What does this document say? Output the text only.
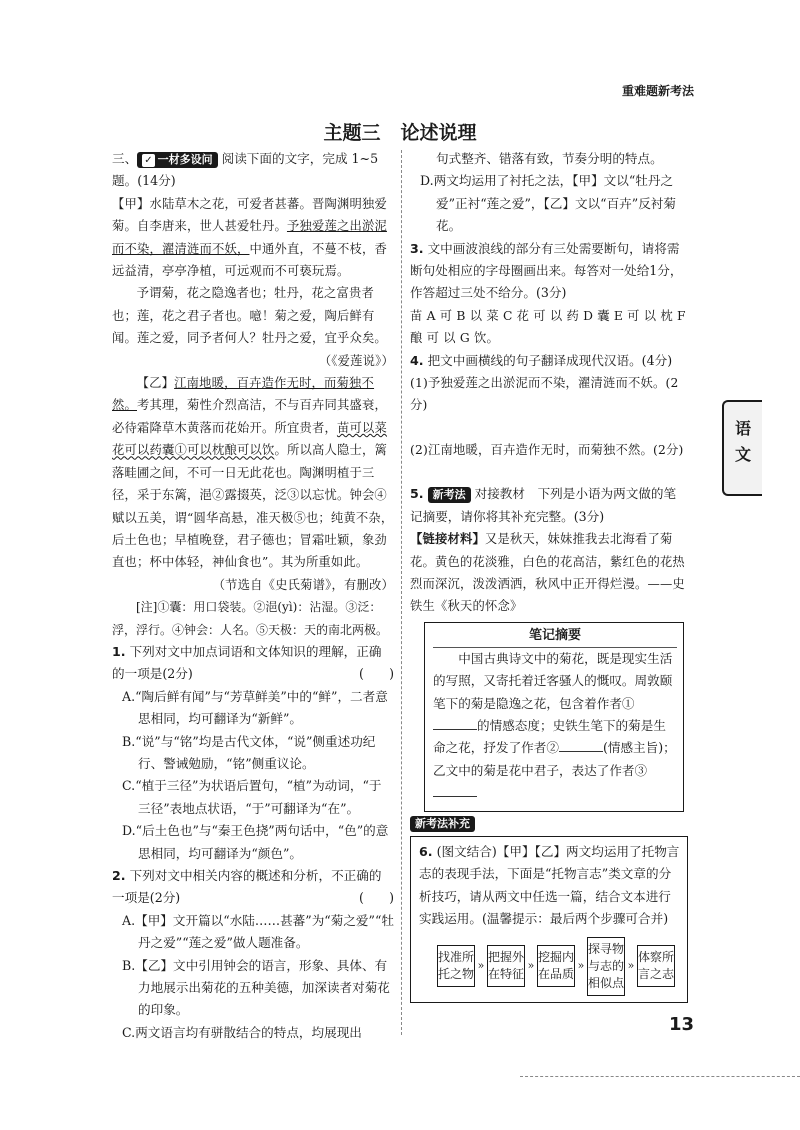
重难题新考法
主题三 论述说理

三、 ✓ 一材多设问 阅读下面的文字，完成 1~5题。(14分)

【甲】水陆草木之花，可爱者甚蕃。晋陶渊明独爱菊。自李唐来，世人甚爱牡丹。予独爱莲之出淤泥而不染，濯清涟而不妖，中通外直，不蔓不枝，香远益清，亭亭净植，可远观而不可亵玩焉。

予谓菊，花之隐逸者也；牡丹，花之富贵者也；莲，花之君子者也。噫！菊之爱，陶后鲜有闻。莲之爱，同予者何人？牡丹之爱，宜乎众矣。
（《爱莲说》）

【乙】江南地暖，百卉造作无时，而菊独不然。考其理，菊性介烈高洁，不与百卉同其盛衰，必待霜降草木黄落而花始开。所宜贵者，苗可以菜花可以药囊①可以枕酿可以饮。所以高人隐士，篱落畦圃之间，不可一日无此花也。陶渊明植于三径，采于东篱，浥②露掇英，泛③以忘忧。钟会④赋以五美，谓“圆华高悬，准天极⑤也；纯黄不杂，后土色也；早植晚登，君子德也；冒霜吐颖，象劲直也；杯中体轻，神仙食也”。其为所重如此。
（节选自《史氏菊谱》，有删改）

[注]①囊：用口袋装。②浥(yì)：沾湿。③泛：浮，浮行。④钟会：人名。⑤天极：天的南北两极。

1. 下列对文中加点词语和文体知识的理解，正确的一项是(2分)	(　　)

A.“陶后鲜有闻”与“芳草鲜美”中的“鲜”，二者意思相同，均可翻译为“新鲜”。

B.“说”与“铭”均是古代文体，“说”侧重述功纪行、警诫勉励，“铭”侧重议论。

C.“植于三径”为状语后置句，“植”为动词，“于三径”表地点状语，“于”可翻译为“在”。

D.“后土色也”与“秦王色挠”两句话中，“色”的意思相同，均可翻译为“颜色”。

2. 下列对文中相关内容的概述和分析，不正确的一项是(2分)	(　　)

A.【甲】文开篇以“水陆……甚蕃”为“菊之爱”“牡丹之爱”“莲之爱”做人题准备。

B.【乙】文中引用钟会的语言，形象、具体、有力地展示出菊花的五种美德，加深读者对菊花的印象。

C.两文语言均有骈散结合的特点，均展现出

句式整齐、错落有致，节奏分明的特点。

D.两文均运用了衬托之法，【甲】文以“牡丹之爱”正衬“莲之爱”，【乙】文以“百卉”反衬菊花。

3. 文中画波浪线的部分有三处需要断句，请将需断句处相应的字母圈画出来。每答对一处给1分，作答超过三处不给分。(3分)

苗 A 可 B 以 菜 C 花 可 以 药 D 囊 E 可 以 枕 F 酿 可 以 G 饮。

4. 把文中画横线的句子翻译成现代汉语。(4分)

(1)予独爱莲之出淤泥而不染，濯清涟而不妖。(2分)

(2)江南地暖，百卉造作无时，而菊独不然。(2分)

5. 新考法 对接教材　下列是小语为两文做的笔记摘要，请你将其补充完整。(3分)

【链接材料】又是秋天，妹妹推我去北海看了菊花。黄色的花淡雅，白色的花高洁，紫红色的花热烈而深沉，泼泼洒洒，秋风中正开得烂漫。——史铁生《秋天的怀念》

笔记摘要
中国古典诗文中的菊花，既是现实生活的写照，又寄托着迁客骚人的慨叹。周敦颐笔下的菊是隐逸之花，包含着作者①的情感态度；史铁生笔下的菊是生命之花，抒发了作者②	(情感主旨)；乙文中的菊是花中君子，表达了作者③
新考法补充

6. (图文结合)【甲】【乙】两文均运用了托物言志的表现手法，下面是“托物言志”类文章的分析技巧，请从两文中任选一篇，结合文本进行实践运用。(温馨提示：最后两个步骤可合并)

找准所托之物
»
把握外在特征
»
挖掘内在品质
»
探寻物与志的相似点
»
体察所言之志
语
文
13
